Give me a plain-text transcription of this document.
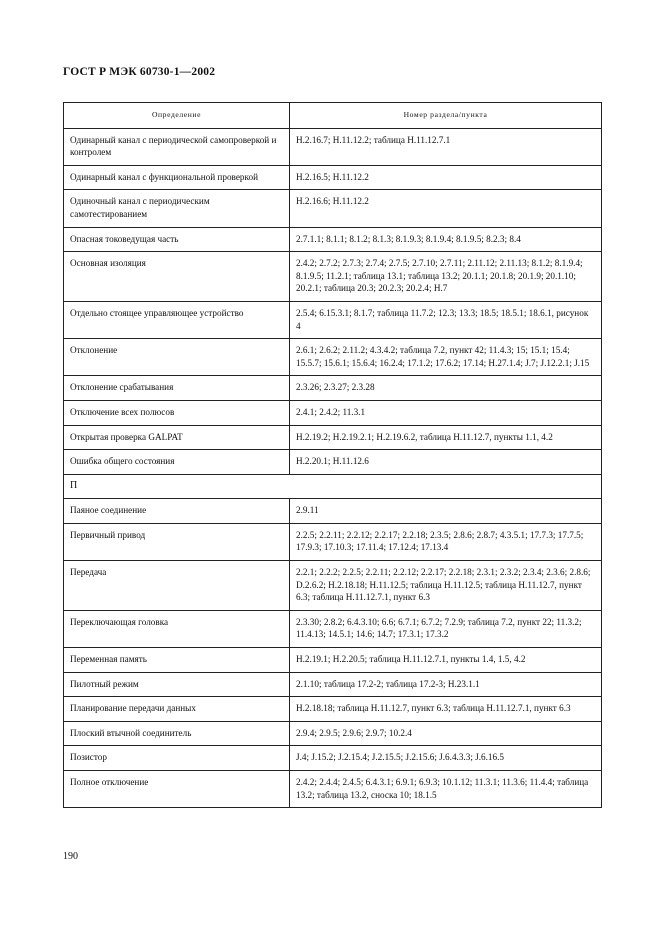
ГОСТ Р МЭК 60730-1—2002
Определение	Номер раздела/пункта
Одинарный канал с периодической самопроверкой и контролем	H.2.16.7; H.11.12.2; таблица H.11.12.7.1
Одинарный канал с функциональной проверкой	H.2.16.5; H.11.12.2
Одиночный канал с периодическим самотестированием	H.2.16.6; H.11.12.2
Опасная токоведущая часть	2.7.1.1; 8.1.1; 8.1.2; 8.1.3; 8.1.9.3; 8.1.9.4; 8.1.9.5; 8.2.3; 8.4
Основная изоляция	2.4.2; 2.7.2; 2.7.3; 2.7.4; 2.7.5; 2.7.10; 2.7.11; 2.11.12; 2.11.13; 8.1.2; 8.1.9.4; 8.1.9.5; 11.2.1; таблица 13.1; таблица 13.2; 20.1.1; 20.1.8; 20.1.9; 20.1.10; 20.2.1; таблица 20.3; 20.2.3; 20.2.4; H.7
Отдельно стоящее управляющее устройство	2.5.4; 6.15.3.1; 8.1.7; таблица 11.7.2; 12.3; 13.3; 18.5; 18.5.1; 18.6.1, рисунок 4
Отклонение	2.6.1; 2.6.2; 2.11.2; 4.3.4.2; таблица 7.2, пункт 42; 11.4.3; 15; 15.1; 15.4; 15.5.7; 15.6.1; 15.6.4; 16.2.4; 17.1.2; 17.6.2; 17.14; H.27.1.4; J.7; J.12.2.1; J.15
Отклонение срабатывания	2.3.26; 2.3.27; 2.3.28
Отключение всех полюсов	2.4.1; 2.4.2; 11.3.1
Открытая проверка GALPAT	H.2.19.2; H.2.19.2.1; H.2.19.6.2, таблица H.11.12.7, пункты 1.1, 4.2
Ошибка общего состояния	H.2.20.1; H.11.12.6
П	
Паяное соединение	2.9.11
Первичный привод	2.2.5; 2.2.11; 2.2.12; 2.2.17; 2.2.18; 2.3.5; 2.8.6; 2.8.7; 4.3.5.1; 17.7.3; 17.7.5; 17.9.3; 17.10.3; 17.11.4; 17.12.4; 17.13.4
Передача	2.2.1; 2.2.2; 2.2.5; 2.2.11; 2.2.12; 2.2.17; 2.2.18; 2.3.1; 2.3.2; 2.3.4; 2.3.6; 2.8.6; D.2.6.2; H.2.18.18; H.11.12.5; таблица H.11.12.5; таблица H.11.12.7, пункт 6.3; таблица H.11.12.7.1, пункт 6.3
Переключающая головка	2.3.30; 2.8.2; 6.4.3.10; 6.6; 6.7.1; 6.7.2; 7.2.9; таблица 7.2, пункт 22; 11.3.2; 11.4.13; 14.5.1; 14.6; 14.7; 17.3.1; 17.3.2
Переменная память	H.2.19.1; H.2.20.5; таблица H.11.12.7.1, пункты 1.4, 1.5, 4.2
Пилотный режим	2.1.10; таблица 17.2-2; таблица 17.2-3; H.23.1.1
Планирование передачи данных	H.2.18.18; таблица H.11.12.7, пункт 6.3; таблица H.11.12.7.1, пункт 6.3
Плоский втычной соединитель	2.9.4; 2.9.5; 2.9.6; 2.9.7; 10.2.4
Позистор	J.4; J.15.2; J.2.15.4; J.2.15.5; J.2.15.6; J.6.4.3.3; J.6.16.5
Полное отключение	2.4.2; 2.4.4; 2.4.5; 6.4.3.1; 6.9.1; 6.9.3; 10.1.12; 11.3.1; 11.3.6; 11.4.4; таблица 13.2; таблица 13.2, сноска 10; 18.1.5
190
